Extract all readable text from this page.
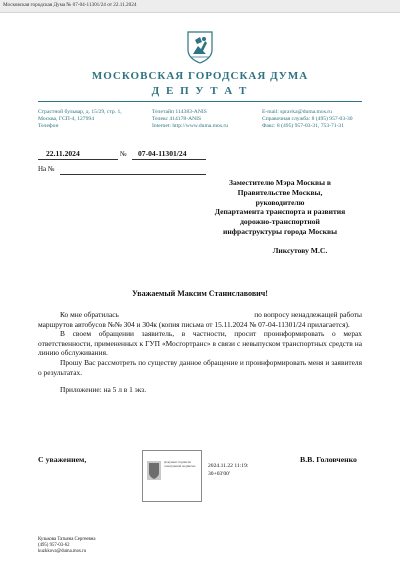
Московская городская Дума № 07-04-11301/24 от 22.11.2024
МОСКОВСКАЯ ГОРОДСКАЯ ДУМА
Д Е П У Т А Т
Страстной бульвар, д. 15/29, стр. 1,
Москва, ГСП-4, 127994
Телефон
Телетайп 114383-ANIS
Телекс 414178-ANIS
Internet: http://www.duma.mos.ru
E-mail: spravka@duma.mos.ru
Справочная служба: 8 (495) 957-03-30
Факс: 8 (495) 957-03-31, 753-71-31
22.11.2024	№ 07-04-11301/24
На №
Заместителю Мэра Москвы в
Правительстве Москвы,
руководителю
Департамента транспорта и развития
дорожно-транспортной
инфраструктуры города Москвы
Ликсутову М.С.
Уважаемый Максим Станиславович!
Ко мне обратилась	по вопросу ненадлежащей работы
маршрутов автобусов №№ 304 и 304к (копия письма от 15.11.2024 № 07-04-11301/24 прилагается).
В своем обращении заявитель, в частности, просит проинформировать о мерах ответственности, примененных к ГУП «Мосгортранс» в связи с невыпуском транспортных средств на линию обслуживания.
Прошу Вас рассмотреть по существу данное обращение и проинформировать меня и заявителя о результатах.
Приложение: на 5 л в 1 экз.
С уважением,	В.В. Головченко
Документ подписан
электронной подписью 2024.11.22 11:19:
30+03'00'
Кузькова Татьяна Сергеевна
(495) 957-03-62
kuzkkova@duma.mos.ru
